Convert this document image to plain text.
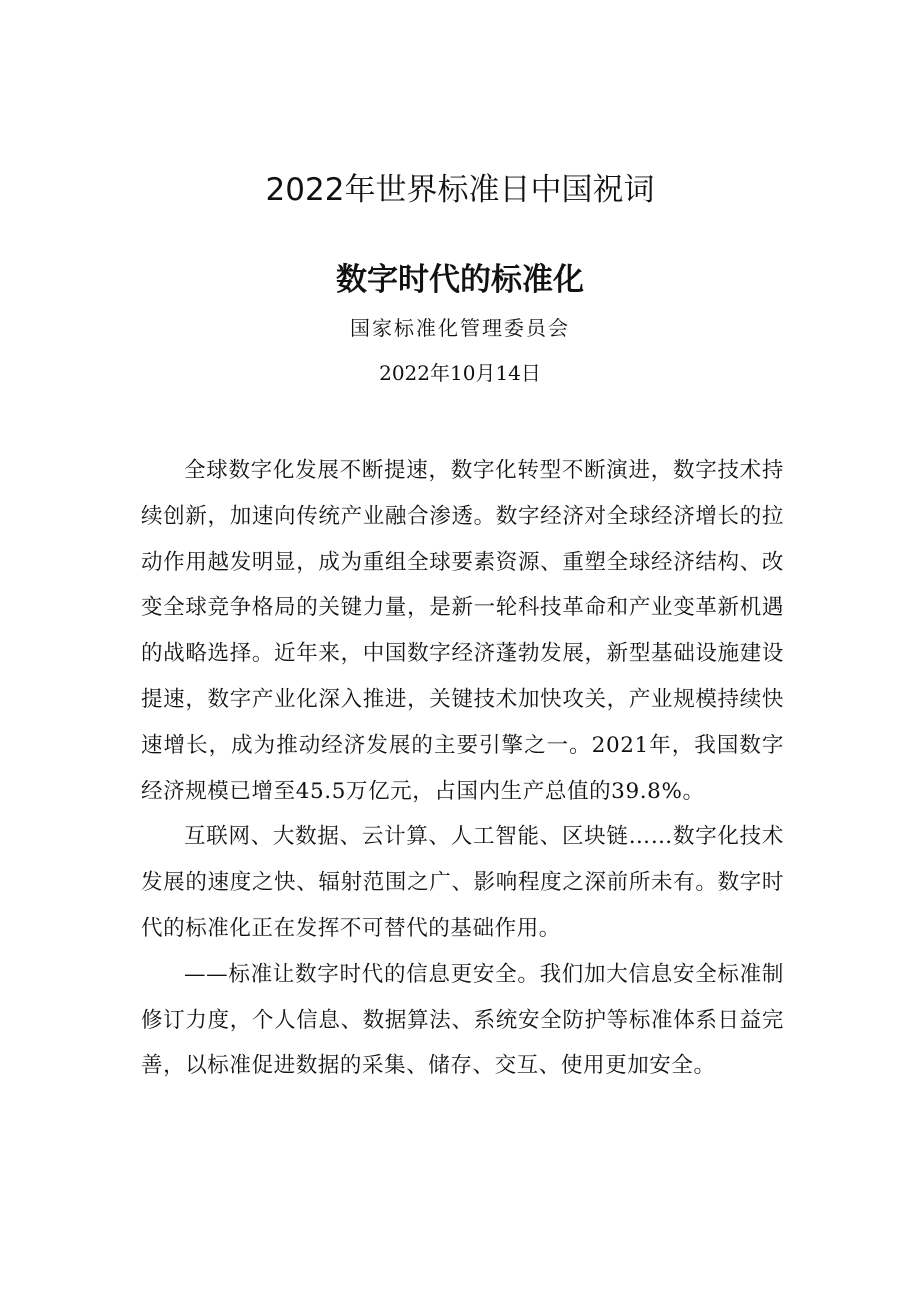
2022年世界标准日中国祝词
数字时代的标准化
国家标准化管理委员会
2022年10月14日

全球数字化发展不断提速，数字化转型不断演进，数字技术持续创新，加速向传统产业融合渗透。数字经济对全球经济增长的拉动作用越发明显，成为重组全球要素资源、重塑全球经济结构、改变全球竞争格局的关键力量，是新一轮科技革命和产业变革新机遇的战略选择。近年来，中国数字经济蓬勃发展，新型基础设施建设提速，数字产业化深入推进，关键技术加快攻关，产业规模持续快速增长，成为推动经济发展的主要引擎之一。2021年，我国数字经济规模已增至45.5万亿元，占国内生产总值的39.8%。

互联网、大数据、云计算、人工智能、区块链……数字化技术发展的速度之快、辐射范围之广、影响程度之深前所未有。数字时代的标准化正在发挥不可替代的基础作用。

——标准让数字时代的信息更安全。我们加大信息安全标准制修订力度，个人信息、数据算法、系统安全防护等标准体系日益完善，以标准促进数据的采集、储存、交互、使用更加安全。
